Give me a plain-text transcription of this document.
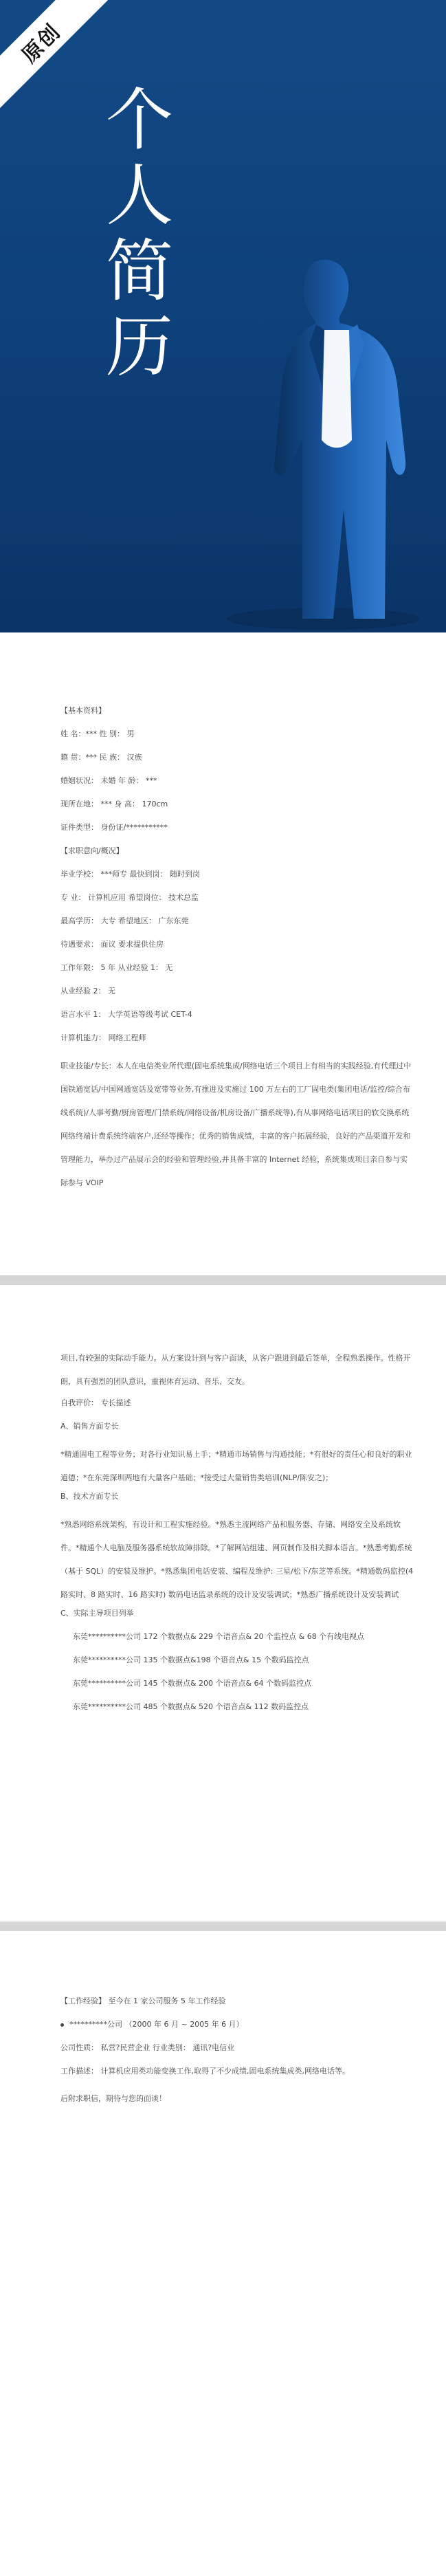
原创
个
人
简
历
【基本资料】
姓 名：*** 性 别： 男
籍 贯：*** 民 族： 汉族
婚姻状况： 未婚 年 龄： ***
现所在地： *** 身 高： 170cm
证件类型： 身份证/***********
【求职意向/概况】
毕业学校： ***师专 最快到岗： 随时到岗
专 业： 计算机应用 希望岗位： 技术总监
最高学历： 大专 希望地区： 广东东莞
待遇要求： 面议 要求提供住房
工作年限： 5 年 从业经验 1： 无
从业经验 2： 无
语言水平 1： 大学英语等级考试 CET-4
计算机能力： 网络工程师
职业技能/专长：本人在电信类业所代理(固电系统集成/网络电话三个项目上有相当的实践经验,有代理过中国铁通宽话/中国网通宽话及宽带等业务,有推进及实施过 100 万左右的工厂固电类(集团电话/监控/综合布线系统)/人事考勤/厨房管理/门禁系统/网络设备/机房设备/广播系统等),有从事网络电话项目的软交换系统网络终端计费系统终端客户,还经等操作；优秀的销售成绩，丰富的客户拓展经验，良好的产品渠道开发和管理能力，举办过产品展示会的经验和管理经验,并具备丰富的 Internet 经验，系统集成项目亲自参与实际参与 VOIP
项目,有较强的实际动手能力。从方案设计到与客户面谈，从客户跟进到最后签单，全程熟悉操作。性格开朗，具有强烈的团队意识，重视体育运动、音乐、交友。
自我评价： 专长描述
A、销售方面专长
*精通固电工程等业务；对各行业知识易上手；*精通市场销售与沟通技能；*有很好的责任心和良好的职业道德；*在东莞深圳两地有大量客户基础；*接受过大量销售类培训(NLP/陈安之)；
B、技术方面专长
*熟悉网络系统架构，有设计和工程实施经验。*熟悉主流网络产品和服务器、存储、网络安全及系统软件。*精通个人电脑及服务器系统软故障排除。*了解网站组建、网页制作及相关脚本语言。*熟悉考勤系统（基于 SQL）的安装及维护。*熟悉集团电话安装、编程及维护: 三星/松下/东芝等系统。*精通数码监控(4 路实时、8 路实时、16 路实时) 数码电话监录系统的设计及安装调试；*熟悉广播系统设计及安装调试
C、实际主导项目列举
东莞**********公司 172 个数据点& 229 个语音点& 20 个监控点 & 68 个有线电视点
东莞**********公司 135 个数据点&198 个语音点& 15 个数码监控点
东莞**********公司 145 个数据点& 200 个语音点& 64 个数码监控点
东莞**********公司 485 个数据点& 520 个语音点& 112 数码监控点
【工作经验】 至今在 1 家公司服务 5 年工作经验
**********公司 （2000 年 6 月 ~ 2005 年 6 月）
公司性质： 私营?民营企业 行业类别： 通讯?电信业
工作描述： 计算机应用类功能变换工作,取得了不少成绩,固电系统集成类,网络电话等。
后附求职信，期待与您的面谈！
